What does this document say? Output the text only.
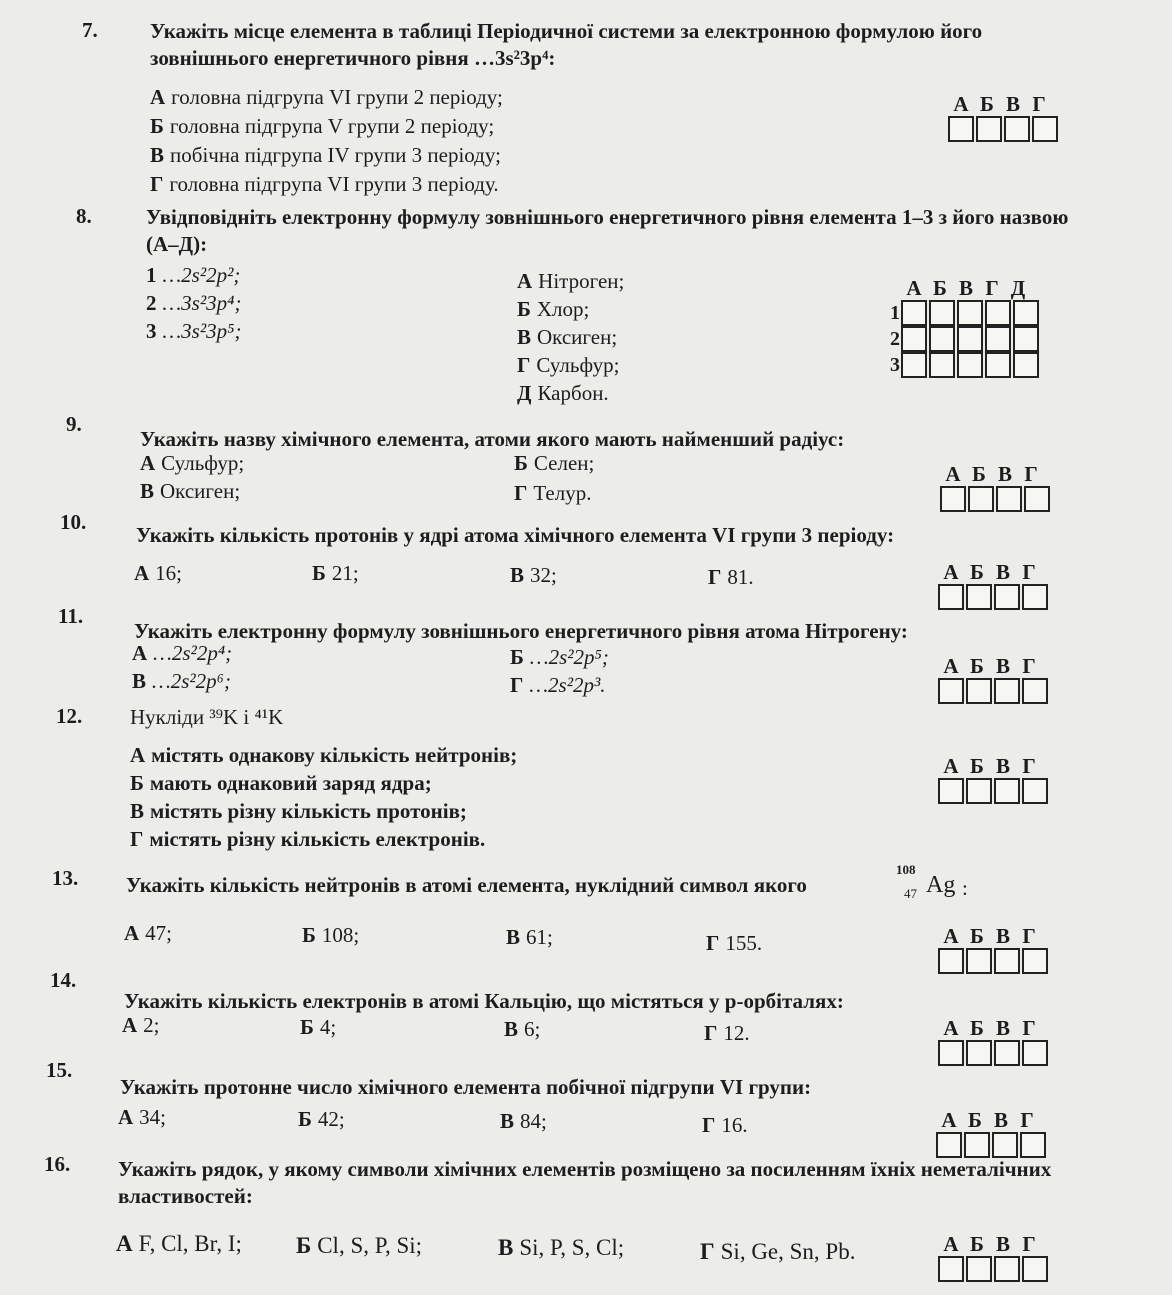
7. Укажіть місце елемента в таблиці Періодичної системи за електронною формулою його зовнішнього енергетичного рівня …3s²3p⁴:
А головна підгрупа VI групи 2 періоду;
Б головна підгрупа V групи 2 періоду;
В побічна підгрупа IV групи 3 періоду;
Г головна підгрупа VI групи 3 періоду.
А Б В Г
8.	Увідповідніть електронну формулу зовнішнього енергетичного рівня елемента 1–3 з його назвою (А–Д):
1 …2s²2p²;
2 …3s²3p⁴;
3 …3s²3p⁵;
А Нітроген;
Б Хлор;
В Оксиген;
Г Сульфур;
Д Карбон.
А Б В Г Д
1
2
3
9.
Укажіть назву хімічного елемента, атоми якого мають найменший радіус:
А Сульфур;	Б Селен;
В Оксиген;	Г Телур.
А Б В Г
10.
Укажіть кількість протонів у ядрі атома хімічного елемента VI групи 3 періоду:
А 16;	Б 21;	В 32;	Г 81.	А Б В Г
11.
Укажіть електронну формулу зовнішнього енергетичного рівня атома Нітрогену:
А …2s²2p⁴;	Б …2s²2p⁵;
В …2s²2p⁶;	Г …2s²2p³.
А Б В Г
12. Нукліди ³⁹K і ⁴¹K
А містять однакову кількість нейтронів;
Б мають однаковий заряд ядра;
В містять різну кількість протонів;
Г містять різну кількість електронів.
А Б В Г
13. Укажіть кількість нейтронів в атомі елемента, нуклідний символ якого
108
47 Ag :
А 47;	Б 108;	В 61;	Г 155.	А Б В Г
14.
Укажіть кількість електронів в атомі Кальцію, що містяться у p-орбіталях:
А 2;	Б 4;	В 6;	Г 12.	А Б В Г
15.
Укажіть протонне число хімічного елемента побічної підгрупи VI групи:
А 34;	Б 42;	В 84;	Г 16.	А Б В Г
16. Укажіть рядок, у якому символи хімічних елементів розміщено за посиленням їхніх неметалічних властивостей:
А F, Cl, Br, I; Б Cl, S, P, Si;	В Si, P, S, Cl;	Г Si, Ge, Sn, Pb.	А Б В Г
